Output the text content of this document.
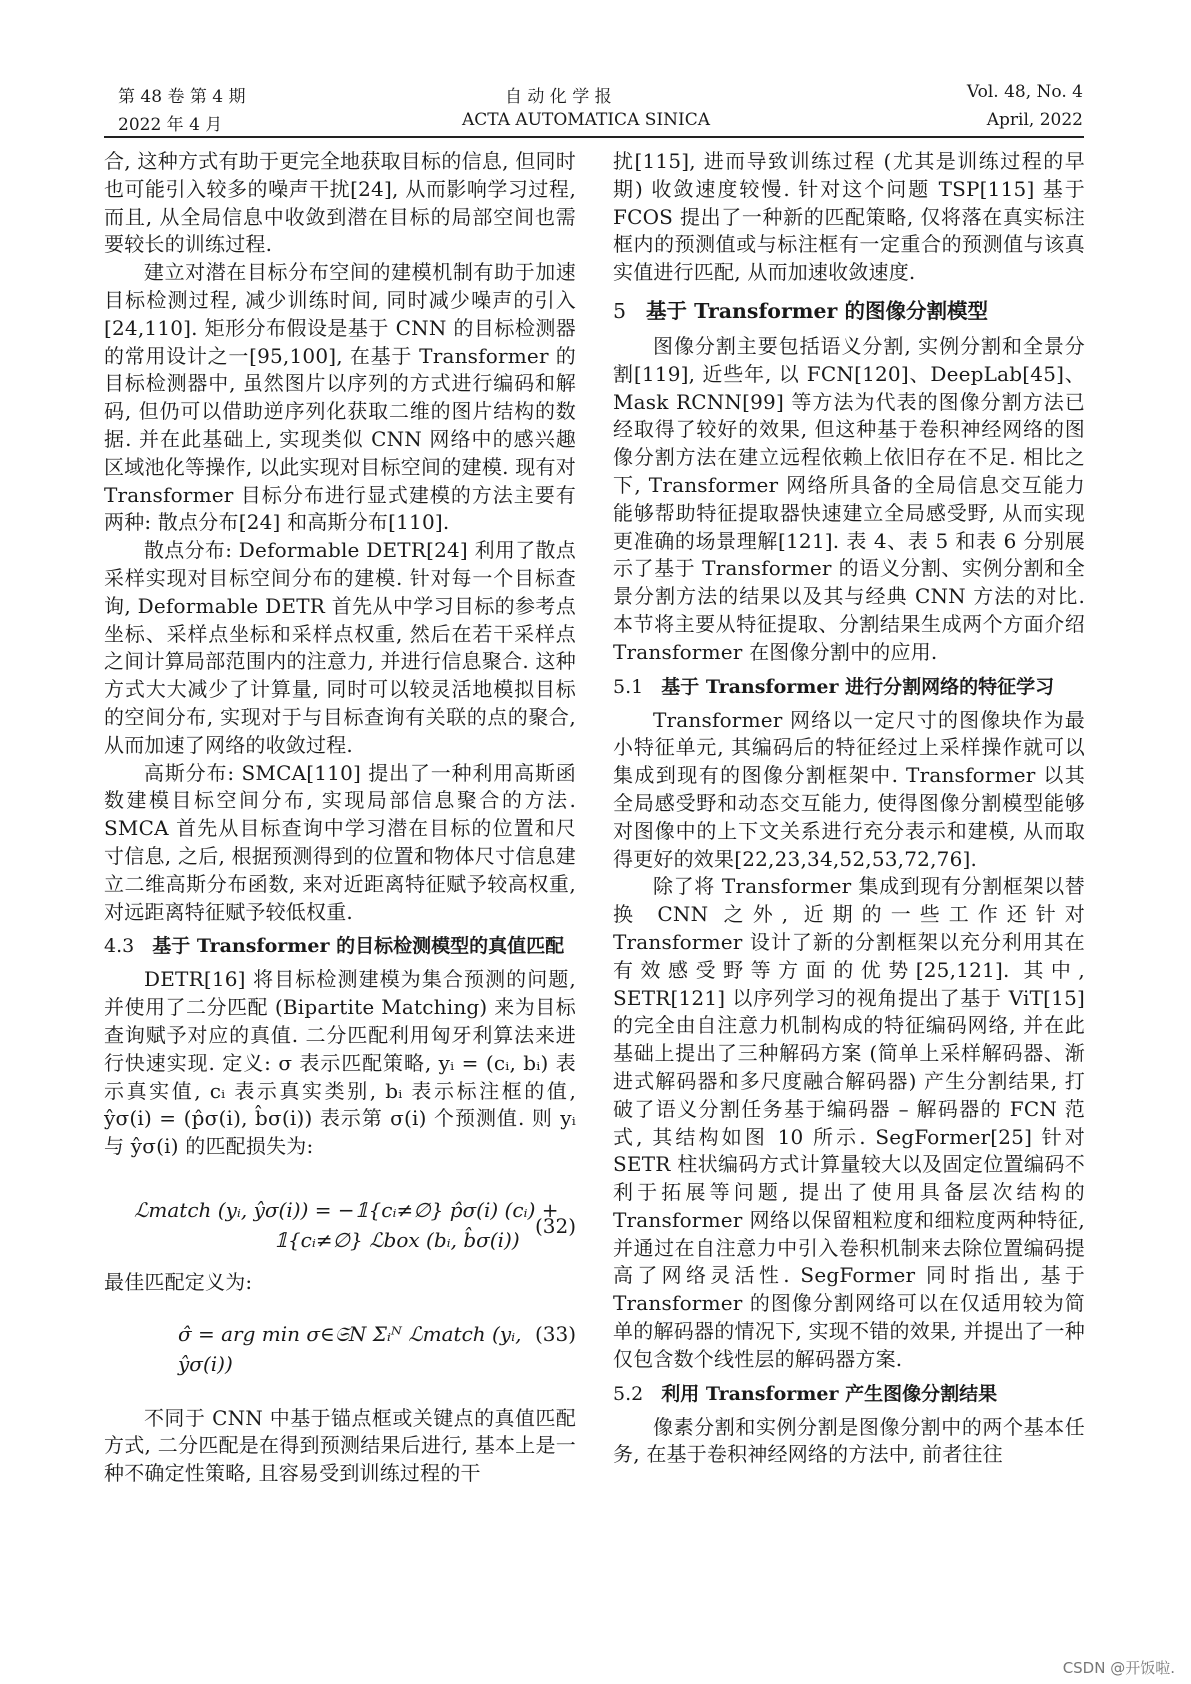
第 48 卷 第 4 期
2022 年 4 月
自 动 化 学 报
ACTA AUTOMATICA SINICA
Vol. 48, No. 4
April, 2022

合, 这种方式有助于更完全地获取目标的信息, 但同时也可能引入较多的噪声干扰[24], 从而影响学习过程, 而且, 从全局信息中收敛到潜在目标的局部空间也需要较长的训练过程.

建立对潜在目标分布空间的建模机制有助于加速目标检测过程, 减少训练时间, 同时减少噪声的引入[24,110]. 矩形分布假设是基于 CNN 的目标检测器的常用设计之一[95,100], 在基于 Transformer 的目标检测器中, 虽然图片以序列的方式进行编码和解码, 但仍可以借助逆序列化获取二维的图片结构的数据. 并在此基础上, 实现类似 CNN 网络中的感兴趣区域池化等操作, 以此实现对目标空间的建模. 现有对 Transformer 目标分布进行显式建模的方法主要有两种: 散点分布[24] 和高斯分布[110].

散点分布: Deformable DETR[24] 利用了散点采样实现对目标空间分布的建模. 针对每一个目标查询, Deformable DETR 首先从中学习目标的参考点坐标、采样点坐标和采样点权重, 然后在若干采样点之间计算局部范围内的注意力, 并进行信息聚合. 这种方式大大减少了计算量, 同时可以较灵活地模拟目标的空间分布, 实现对于与目标查询有关联的点的聚合, 从而加速了网络的收敛过程.

高斯分布: SMCA[110] 提出了一种利用高斯函数建模目标空间分布, 实现局部信息聚合的方法. SMCA 首先从目标查询中学习潜在目标的位置和尺寸信息, 之后, 根据预测得到的位置和物体尺寸信息建立二维高斯分布函数, 来对近距离特征赋予较高权重, 对远距离特征赋予较低权重.

4.3 基于 Transformer 的目标检测模型的真值匹配

DETR[16] 将目标检测建模为集合预测的问题, 并使用了二分匹配 (Bipartite Matching) 来为目标查询赋予对应的真值. 二分匹配利用匈牙利算法来进行快速实现. 定义: σ 表示匹配策略, yᵢ = (cᵢ, bᵢ) 表示真实值, cᵢ 表示真实类别, bᵢ 表示标注框的值, ŷσ(i) = (p̂σ(i), b̂σ(i)) 表示第 σ(i) 个预测值. 则 yᵢ 与 ŷσ(i) 的匹配损失为:

ℒmatch (yᵢ, ŷσ(i)) = −𝟙{cᵢ≠∅} p̂σ(i) (cᵢ) +
𝟙{cᵢ≠∅} ℒbox (bᵢ, b̂σ(i))
(32)

最佳匹配定义为:

σ̂ = arg min σ∈𝔖N Σᵢᴺ ℒmatch (yᵢ, ŷσ(i))
(33)

不同于 CNN 中基于锚点框或关键点的真值匹配方式, 二分匹配是在得到预测结果后进行, 基本上是一种不确定性策略, 且容易受到训练过程的干

扰[115], 进而导致训练过程 (尤其是训练过程的早期) 收敛速度较慢. 针对这个问题 TSP[115] 基于 FCOS 提出了一种新的匹配策略, 仅将落在真实标注框内的预测值或与标注框有一定重合的预测值与该真实值进行匹配, 从而加速收敛速度.

5 基于 Transformer 的图像分割模型

图像分割主要包括语义分割, 实例分割和全景分割[119], 近些年, 以 FCN[120]、DeepLab[45]、Mask RCNN[99] 等方法为代表的图像分割方法已经取得了较好的效果, 但这种基于卷积神经网络的图像分割方法在建立远程依赖上依旧存在不足. 相比之下, Transformer 网络所具备的全局信息交互能力能够帮助特征提取器快速建立全局感受野, 从而实现更准确的场景理解[121]. 表 4、表 5 和表 6 分别展示了基于 Transformer 的语义分割、实例分割和全景分割方法的结果以及其与经典 CNN 方法的对比. 本节将主要从特征提取、分割结果生成两个方面介绍 Transformer 在图像分割中的应用.

5.1 基于 Transformer 进行分割网络的特征学习

Transformer 网络以一定尺寸的图像块作为最小特征单元, 其编码后的特征经过上采样操作就可以集成到现有的图像分割框架中. Transformer 以其全局感受野和动态交互能力, 使得图像分割模型能够对图像中的上下文关系进行充分表示和建模, 从而取得更好的效果[22,23,34,52,53,72,76].

除了将 Transformer 集成到现有分割框架以替换 CNN 之外, 近期的一些工作还针对 Transformer 设计了新的分割框架以充分利用其在有效感受野等方面的优势[25,121]. 其中, SETR[121] 以序列学习的视角提出了基于 ViT[15] 的完全由自注意力机制构成的特征编码网络, 并在此基础上提出了三种解码方案 (简单上采样解码器、渐进式解码器和多尺度融合解码器) 产生分割结果, 打破了语义分割任务基于编码器 – 解码器的 FCN 范式, 其结构如图 10 所示. SegFormer[25] 针对 SETR 柱状编码方式计算量较大以及固定位置编码不利于拓展等问题, 提出了使用具备层次结构的 Transformer 网络以保留粗粒度和细粒度两种特征, 并通过在自注意力中引入卷积机制来去除位置编码提高了网络灵活性. SegFormer 同时指出, 基于 Transformer 的图像分割网络可以在仅适用较为简单的解码器的情况下, 实现不错的效果, 并提出了一种仅包含数个线性层的解码器方案.

5.2 利用 Transformer 产生图像分割结果

像素分割和实例分割是图像分割中的两个基本任务, 在基于卷积神经网络的方法中, 前者往往

CSDN @开饭啦.
